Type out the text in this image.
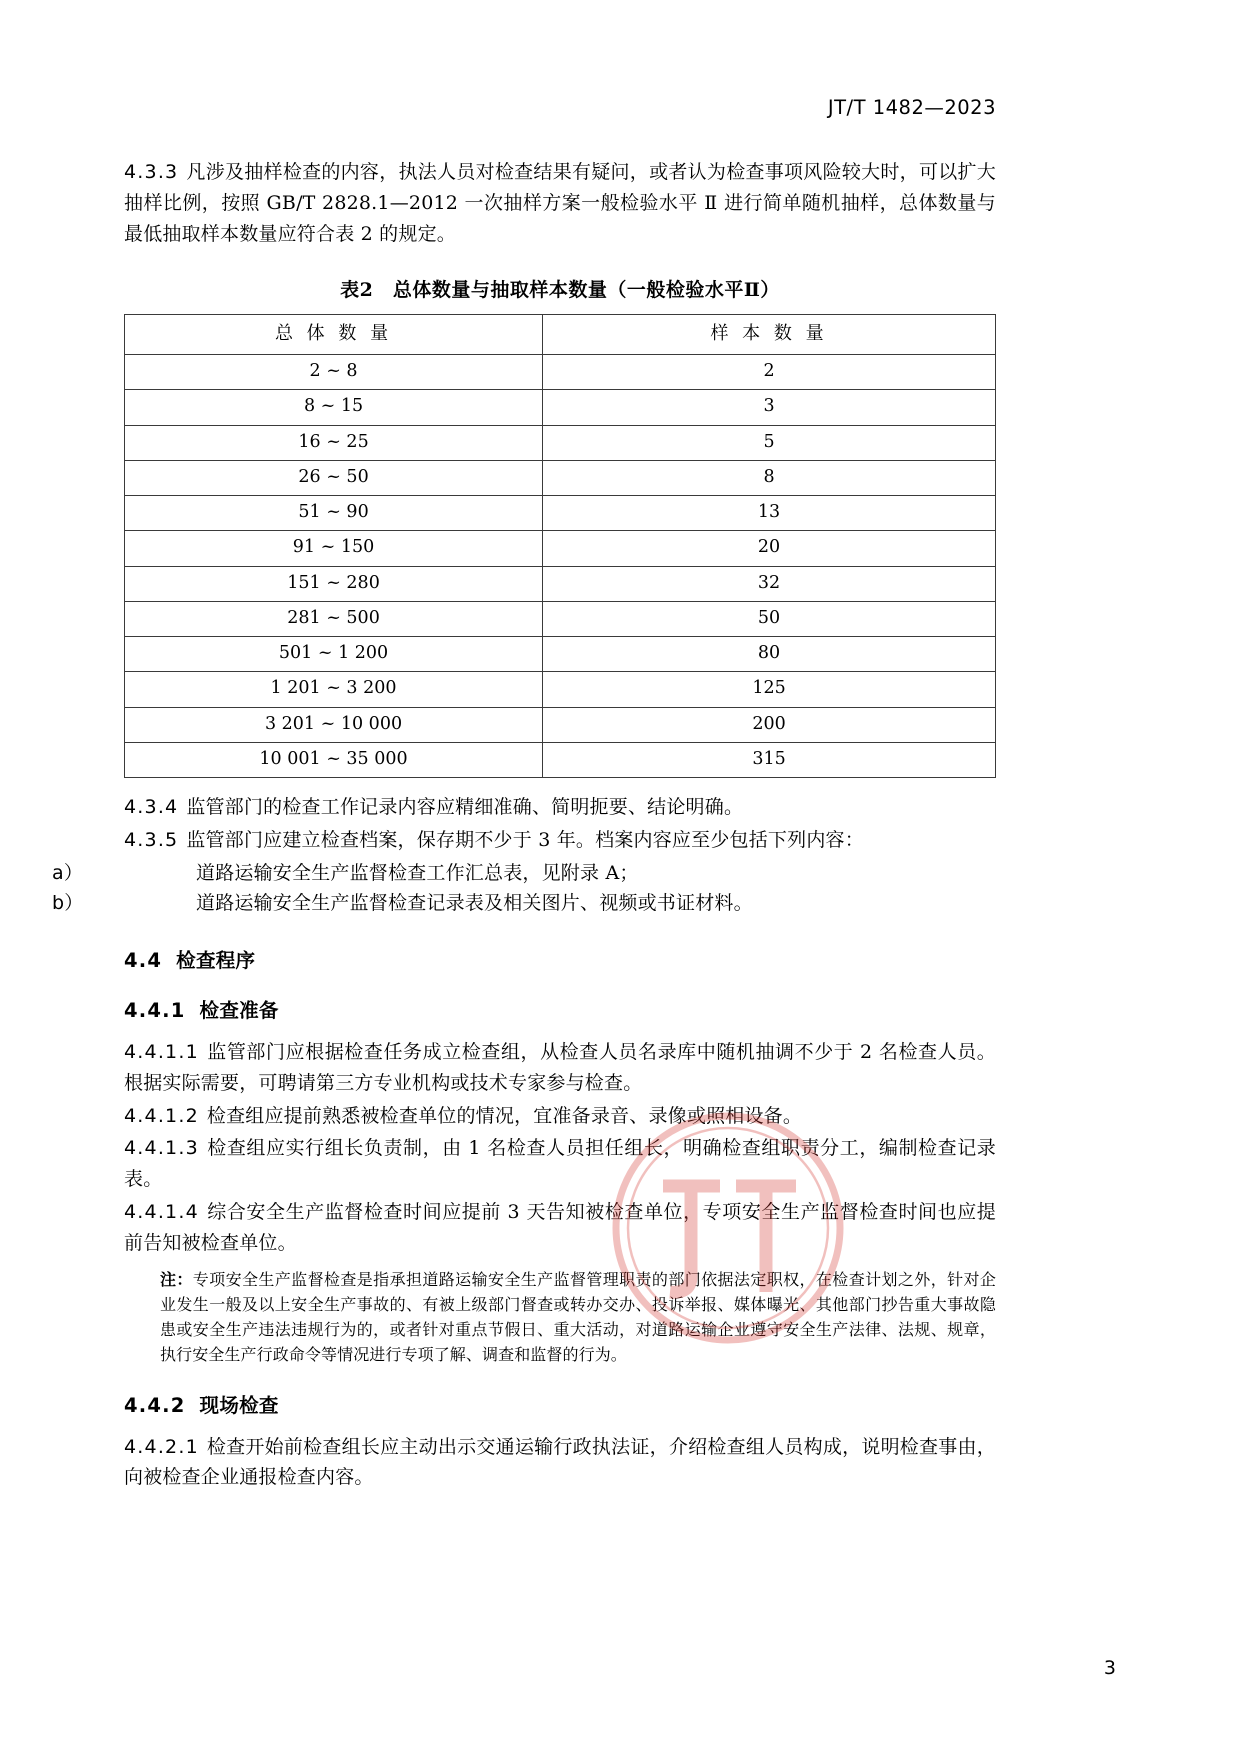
JT/T 1482—2023

4.3.3 凡涉及抽样检查的内容，执法人员对检查结果有疑问，或者认为检查事项风险较大时，可以扩大抽样比例，按照 GB/T 2828.1—2012 一次抽样方案一般检验水平 Ⅱ 进行简单随机抽样，总体数量与最低抽取样本数量应符合表 2 的规定。

表2　总体数量与抽取样本数量（一般检验水平Ⅱ）
总 体 数 量	样 本 数 量
2 ~ 8	2
8 ~ 15	3
16 ~ 25	5
26 ~ 50	8
51 ~ 90	13
91 ~ 150	20
151 ~ 280	32
281 ~ 500	50
501 ~ 1 200	80
1 201 ~ 3 200	125
3 201 ~ 10 000	200
10 001 ~ 35 000	315

4.3.4 监管部门的检查工作记录内容应精细准确、简明扼要、结论明确。

4.3.5 监管部门应建立检查档案，保存期不少于 3 年。档案内容应至少包括下列内容：

a）	道路运输安全生产监督检查工作汇总表，见附录 A；

b）	道路运输安全生产监督检查记录表及相关图片、视频或书证材料。

4.4 检查程序
4.4.1 检查准备

4.4.1.1 监管部门应根据检查任务成立检查组，从检查人员名录库中随机抽调不少于 2 名检查人员。根据实际需要，可聘请第三方专业机构或技术专家参与检查。

4.4.1.2 检查组应提前熟悉被检查单位的情况，宜准备录音、录像或照相设备。

4.4.1.3 检查组应实行组长负责制，由 1 名检查人员担任组长，明确检查组职责分工，编制检查记录表。

4.4.1.4 综合安全生产监督检查时间应提前 3 天告知被检查单位，专项安全生产监督检查时间也应提前告知被检查单位。

注：专项安全生产监督检查是指承担道路运输安全生产监督管理职责的部门依据法定职权，在检查计划之外，针对企业发生一般及以上安全生产事故的、有被上级部门督查或转办交办、投诉举报、媒体曝光、其他部门抄告重大事故隐患或安全生产违法违规行为的，或者针对重点节假日、重大活动，对道路运输企业遵守安全生产法律、法规、规章，执行安全生产行政命令等情况进行专项了解、调查和监督的行为。

4.4.2 现场检查

4.4.2.1 检查开始前检查组长应主动出示交通运输行政执法证，介绍检查组人员构成，说明检查事由，向被检查企业通报检查内容。

3
